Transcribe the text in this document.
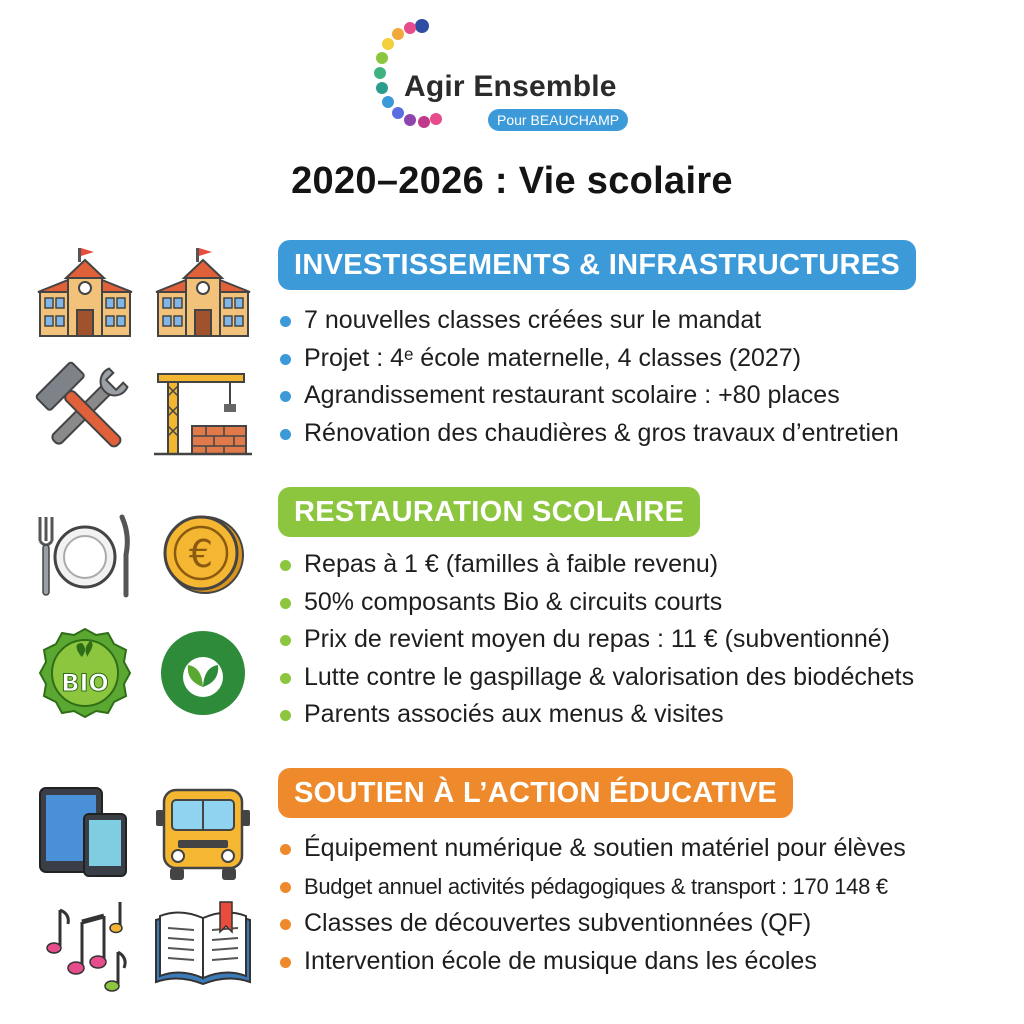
Agir Ensemble
Pour BEAUCHAMP
2020–2026 : Vie scolaire
INVESTISSEMENTS & INFRASTRUCTURES
7 nouvelles classes créées sur le mandat
Projet : 4ᵉ école maternelle, 4 classes (2027)
Agrandissement restaurant scolaire : +80 places
Rénovation des chaudières & gros travaux d’entretien
€
BIO
RESTAURATION SCOLAIRE
Repas à 1 € (familles à faible revenu)
50% composants Bio & circuits courts
Prix de revient moyen du repas : 11 € (subventionné)
Lutte contre le gaspillage & valorisation des biodéchets
Parents associés aux menus & visites
SOUTIEN À L’ACTION ÉDUCATIVE
Équipement numérique & soutien matériel pour élèves
Budget annuel activités pédagogiques & transport : 170 148 €
Classes de découvertes subventionnées (QF)
Intervention école de musique dans les écoles
